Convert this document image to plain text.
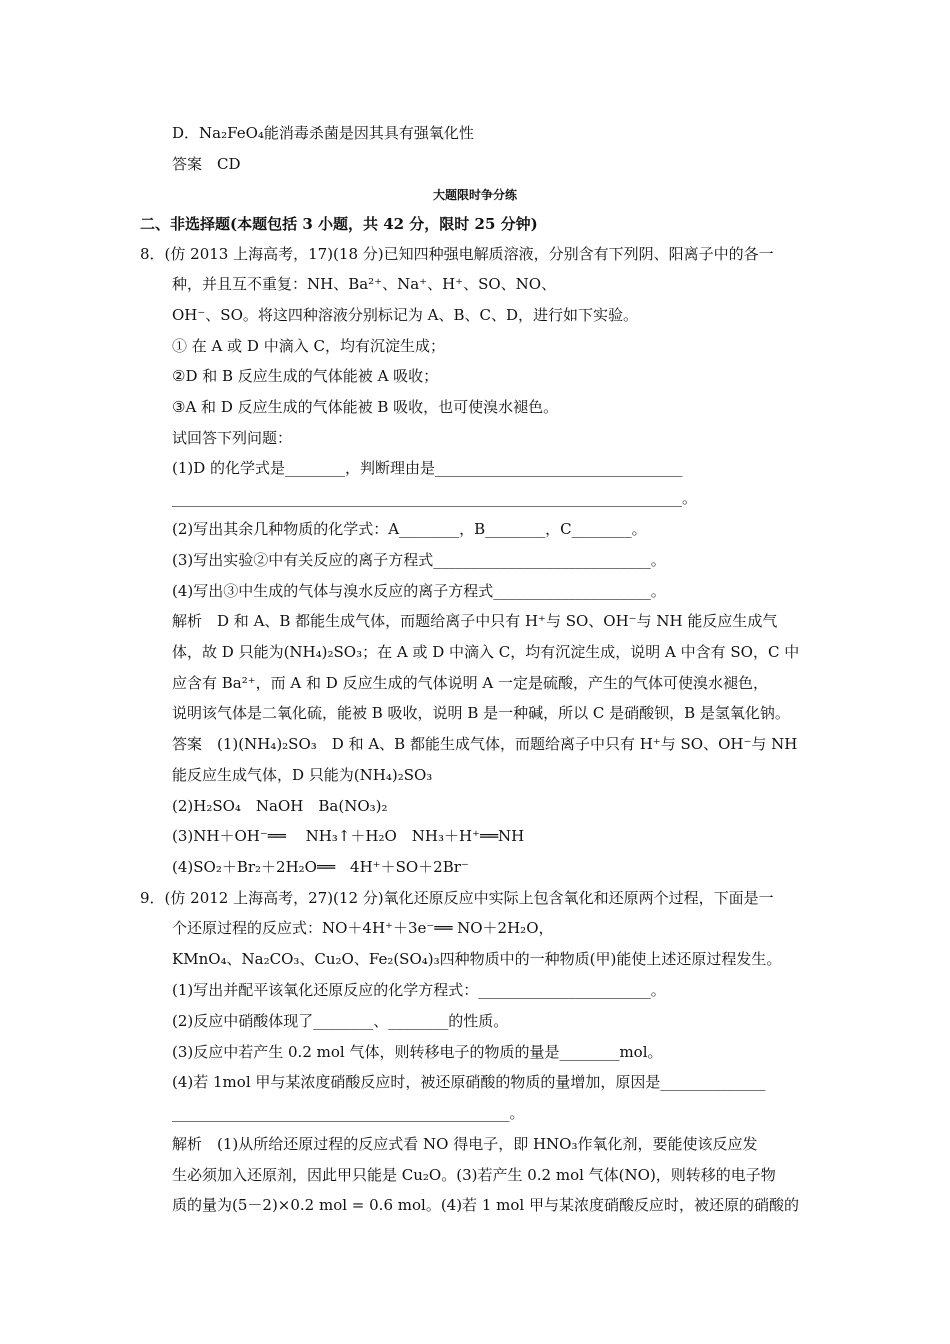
D．Na₂FeO₄能消毒杀菌是因其具有强氧化性
答案　CD
大题限时争分练
二、非选择题(本题包括 3 小题，共 42 分，限时 25 分钟)
8．(仿 2013 上海高考，17)(18 分)已知四种强电解质溶液，分别含有下列阴、阳离子中的各一
种，并且互不重复：NH、Ba²⁺、Na⁺、H⁺、SO、NO、
OH⁻、SO。将这四种溶液分别标记为 A、B、C、D，进行如下实验。
① 在 A 或 D 中滴入 C，均有沉淀生成；
②D 和 B 反应生成的气体能被 A 吸收；
③A 和 D 反应生成的气体能被 B 吸收，也可使溴水褪色。
试回答下列问题：
(1)D 的化学式是________，判断理由是_________________________________
____________________________________________________________________。
(2)写出其余几种物质的化学式：A________，B________，C________。
(3)写出实验②中有关反应的离子方程式_____________________________。
(4)写出③中生成的气体与溴水反应的离子方程式_____________________。
解析　D 和 A、B 都能生成气体，而题给离子中只有 H⁺与 SO、OH⁻与 NH 能反应生成气
体，故 D 只能为(NH₄)₂SO₃；在 A 或 D 中滴入 C，均有沉淀生成，说明 A 中含有 SO，C 中
应含有 Ba²⁺，而 A 和 D 反应生成的气体说明 A 一定是硫酸，产生的气体可使溴水褪色，
说明该气体是二氧化硫，能被 B 吸收，说明 B 是一种碱，所以 C 是硝酸钡，B 是氢氧化钠。
答案　(1)(NH₄)₂SO₃　D 和 A、B 都能生成气体，而题给离子中只有 H⁺与 SO、OH⁻与 NH
能反应生成气体，D 只能为(NH₄)₂SO₃
(2)H₂SO₄　NaOH　Ba(NO₃)₂
(3)NH＋OH⁻══　 NH₃↑＋H₂O　NH₃＋H⁺══NH
(4)SO₂＋Br₂＋2H₂O══　4H⁺＋SO＋2Br⁻
9．(仿 2012 上海高考，27)(12 分)氧化还原反应中实际上包含氧化和还原两个过程，下面是一
个还原过程的反应式：NO＋4H⁺＋3e⁻══ NO＋2H₂O，
KMnO₄、Na₂CO₃、Cu₂O、Fe₂(SO₄)₃四种物质中的一种物质(甲)能使上述还原过程发生。
(1)写出并配平该氧化还原反应的化学方程式：_______________________。
(2)反应中硝酸体现了________、________的性质。
(3)反应中若产生 0.2 mol 气体，则转移电子的物质的量是________mol。
(4)若 1mol 甲与某浓度硝酸反应时，被还原硝酸的物质的量增加，原因是______________
_____________________________________________。
解析　(1)从所给还原过程的反应式看 NO 得电子，即 HNO₃作氧化剂，要能使该反应发
生必须加入还原剂，因此甲只能是 Cu₂O。(3)若产生 0.2 mol 气体(NO)，则转移的电子物
质的量为(5－2)×0.2 mol = 0.6 mol。(4)若 1 mol 甲与某浓度硝酸反应时，被还原的硝酸的
